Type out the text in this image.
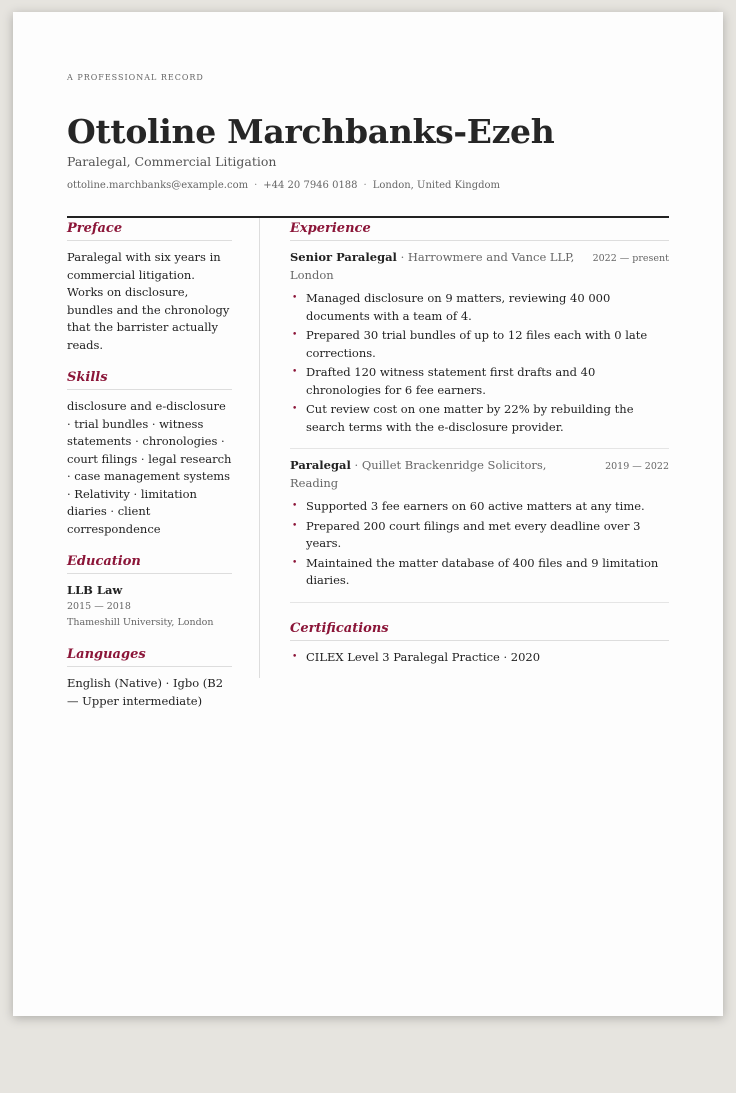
A PROFESSIONAL RECORD
Ottoline Marchbanks-Ezeh
Paralegal, Commercial Litigation
ottoline.marchbanks@example.com · +44 20 7946 0188 · London, United Kingdom
Preface
Paralegal with six years in commercial litigation. Works on disclosure, bundles and the chronology that the barrister actually reads.
Skills
disclosure and e-disclosure · trial bundles · witness statements · chronologies · court filings · legal research · case management systems · Relativity · limitation diaries · client correspondence
Education
LLB Law
2015 — 2018
Thameshill University, London
Languages
English (Native) · Igbo (B2 — Upper intermediate)
Experience
Senior Paralegal · Harrowmere and Vance LLP, London
2022 — present
• Managed disclosure on 9 matters, reviewing 40 000 documents with a team of 4.
• Prepared 30 trial bundles of up to 12 files each with 0 late corrections.
• Drafted 120 witness statement first drafts and 40 chronologies for 6 fee earners.
• Cut review cost on one matter by 22% by rebuilding the search terms with the e-disclosure provider.
Paralegal · Quillet Brackenridge Solicitors, Reading
2019 — 2022
• Supported 3 fee earners on 60 active matters at any time.
• Prepared 200 court filings and met every deadline over 3 years.
• Maintained the matter database of 400 files and 9 limitation diaries.
Certifications
• CILEX Level 3 Paralegal Practice · 2020
